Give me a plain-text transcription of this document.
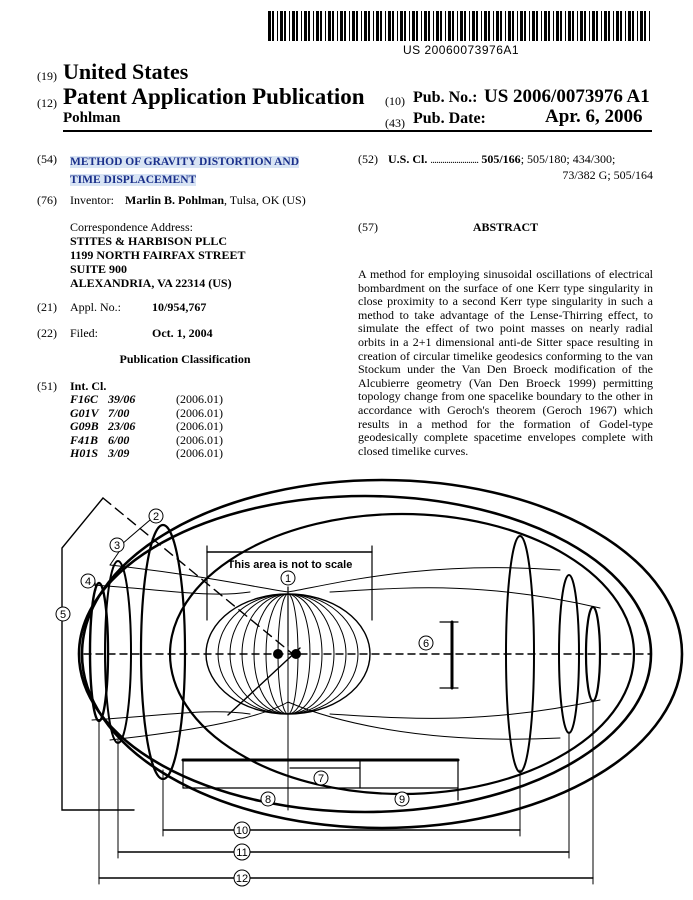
US 20060073976A1
(19) United States
(12) Patent Application Publication
Pohlman
(10) Pub. No.: US 2006/0073976 A1
(43) Pub. Date:	Apr. 6, 2006
(54) METHOD OF GRAVITY DISTORTION AND
TIME DISPLACEMENT
(76) Inventor: Marlin B. Pohlman, Tulsa, OK (US)
Correspondence Address:
STITES & HARBISON PLLC
1199 NORTH FAIRFAX STREET
SUITE 900
ALEXANDRIA, VA 22314 (US)
(21) Appl. No.:	10/954,767
(22) Filed:	Oct. 1, 2004
Publication Classification
(51) Int. Cl.
F16C	39/06	(2006.01)
G01V	7/00	(2006.01)
G09B	23/06	(2006.01)
F41B	6/00	(2006.01)
H01S	3/09	(2006.01)
(52) U.S. Cl. ........................ 505/166; 505/180; 434/300;
73/382 G; 505/164
(57)	ABSTRACT
A method for employing sinusoidal oscillations of electrical bombardment on the surface of one Kerr type singularity in close proximity to a second Kerr type singularity in such a method to take advantage of the Lense-Thirring effect, to simulate the effect of two point masses on nearly radial orbits in a 2+1 dimensional anti-de Sitter space resulting in creation of circular timelike geodesics conforming to the van Stockum under the Van Den Broeck modification of the Alcubierre geometry (Van Den Broeck 1999) permitting topology change from one spacelike boundary to the other in accordance with Geroch's theorem (Geroch 1967) which results in a method for the formation of Godel-type geodesically complete spacetime envelopes complete with closed timelike curves.
This area is not to scale
1
2
3
4
5
6
7
8	9
10
11
12
